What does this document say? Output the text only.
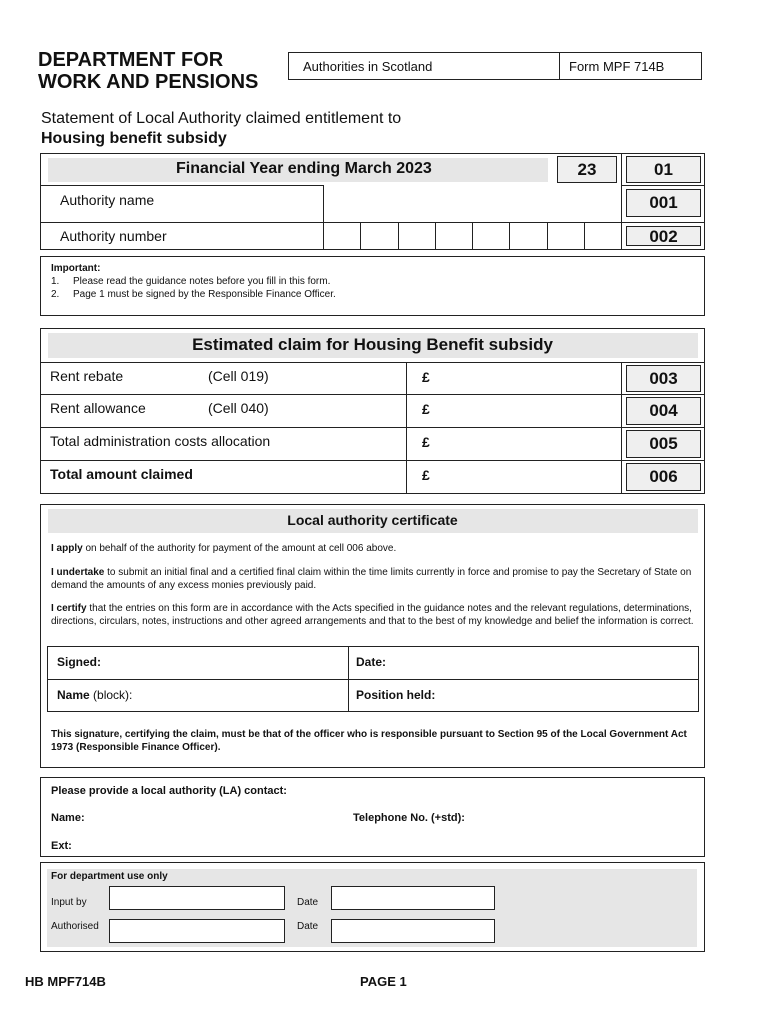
DEPARTMENT FOR
WORK AND PENSIONS
Authorities in Scotland	Form MPF 714B
Statement of Local Authority claimed entitlement to
Housing benefit subsidy
Financial Year ending March 2023	23	01
Authority name	001
Authority number	002
Important:
1. Please read the guidance notes before you fill in this form.
2. Page 1 must be signed by the Responsible Finance Officer.
Estimated claim for Housing Benefit subsidy
Rent rebate	(Cell 019)	£	003
Rent allowance	(Cell 040)	£	004
Total administration costs allocation	£	005
Total amount claimed	£	006
Local authority certificate
I apply on behalf of the authority for payment of the amount at cell 006 above.
I undertake to submit an initial final and a certified final claim within the time limits currently in force and promise to pay the Secretary of State on demand the amounts of any excess monies previously paid.
I certify that the entries on this form are in accordance with the Acts specified in the guidance notes and the relevant regulations, determinations, directions, circulars, notes, instructions and other agreed arrangements and that to the best of my knowledge and belief the information is correct.
Signed:	Date:
Name (block):	Position held:
This signature, certifying the claim, must be that of the officer who is responsible pursuant to Section 95 of the Local Government Act 1973 (Responsible Finance Officer).
Please provide a local authority (LA) contact:
Name:	Telephone No. (+std):
Ext:
For department use only
Input by	Date
Authorised	Date
HB MPF714B	PAGE 1
